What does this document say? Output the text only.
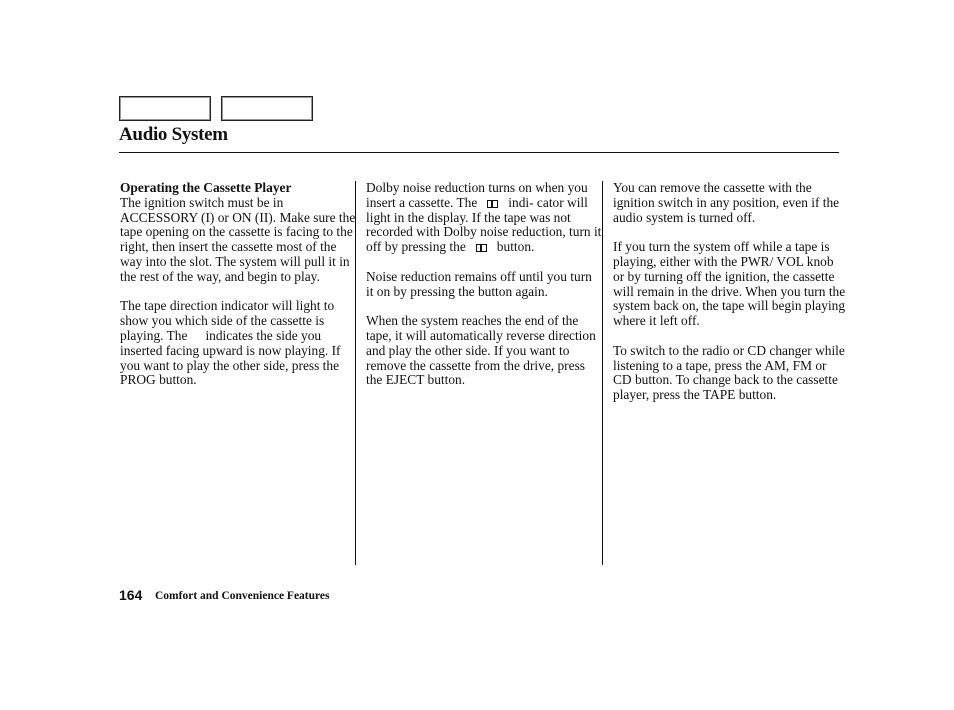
Audio System
Operating the Cassette Player

The ignition switch must be in ACCESSORY (I) or ON (II). Make sure the tape opening on the cassette is facing to the right, then insert the cassette most of the way into the slot. The system will pull it in the rest of the way, and begin to play.

The tape direction indicator will light to show you which side of the cassette is playing. The indicates the side you inserted facing upward is now playing. If you want to play the other side, press the PROG button.

Dolby noise reduction turns on when you insert a cassette. The indi- cator will light in the display. If the tape was not recorded with Dolby noise reduction, turn it off by pressing the button.

Noise reduction remains off until you turn it on by pressing the button again.

When the system reaches the end of the tape, it will automatically reverse direction and play the other side. If you want to remove the cassette from the drive, press the EJECT button.

You can remove the cassette with the ignition switch in any position, even if the audio system is turned off.

If you turn the system off while a tape is playing, either with the PWR/ VOL knob or by turning off the ignition, the cassette will remain in the drive. When you turn the system back on, the tape will begin playing where it left off.

To switch to the radio or CD changer while listening to a tape, press the AM, FM or CD button. To change back to the cassette player, press the TAPE button.

164 Comfort and Convenience Features
